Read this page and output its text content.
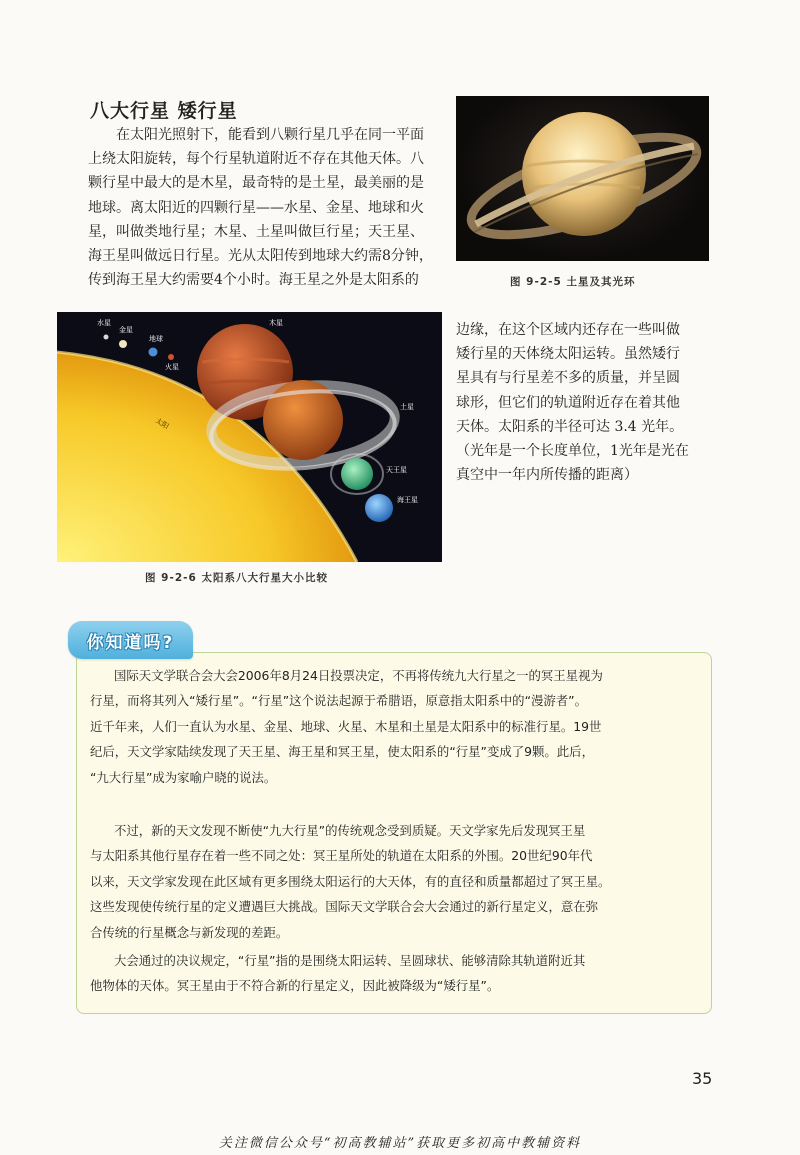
八大行星 矮行星

　　在太阳光照射下，能看到八颗行星几乎在同一平面
上绕太阳旋转，每个行星轨道附近不存在其他天体。八
颗行星中最大的是木星，最奇特的是土星，最美丽的是
地球。离太阳近的四颗行星——水星、金星、地球和火
星，叫做类地行星；木星、土星叫做巨行星；天王星、
海王星叫做远日行星。光从太阳传到地球大约需8分钟，
传到海王星大约需要4个小时。海王星之外是太阳系的	图 9-2-5 土星及其光环
水星
金星
地球
火星
木星
土星
天王星
海王星
太阳
图 9-2-6 太阳系八大行星大小比较

边缘，在这个区域内还存在一些叫做
矮行星的天体绕太阳运转。虽然矮行
星具有与行星差不多的质量，并呈圆
球形，但它们的轨道附近存在着其他
天体。太阳系的半径可达 3.4 光年。
（光年是一个长度单位，1光年是光在
真空中一年内所传播的距离）

你知道吗?

国际天文学联合会大会2006年8月24日投票决定，不再将传统九大行星之一的冥王星视为
行星，而将其列入“矮行星”。“行星”这个说法起源于希腊语，原意指太阳系中的“漫游者”。
近千年来，人们一直认为水星、金星、地球、火星、木星和土星是太阳系中的标准行星。19世
纪后，天文学家陆续发现了天王星、海王星和冥王星，使太阳系的“行星”变成了9颗。此后，
“九大行星”成为家喻户晓的说法。

不过，新的天文发现不断使“九大行星”的传统观念受到质疑。天文学家先后发现冥王星
与太阳系其他行星存在着一些不同之处：冥王星所处的轨道在太阳系的外围。20世纪90年代
以来，天文学家发现在此区域有更多围绕太阳运行的大天体，有的直径和质量都超过了冥王星。
这些发现使传统行星的定义遭遇巨大挑战。国际天文学联合会大会通过的新行星定义，意在弥
合传统的行星概念与新发现的差距。

大会通过的决议规定，“行星”指的是围绕太阳运转、呈圆球状、能够清除其轨道附近其
他物体的天体。冥王星由于不符合新的行星定义，因此被降级为“矮行星”。

35
关注微信公众号“初高教辅站”获取更多初高中教辅资料
